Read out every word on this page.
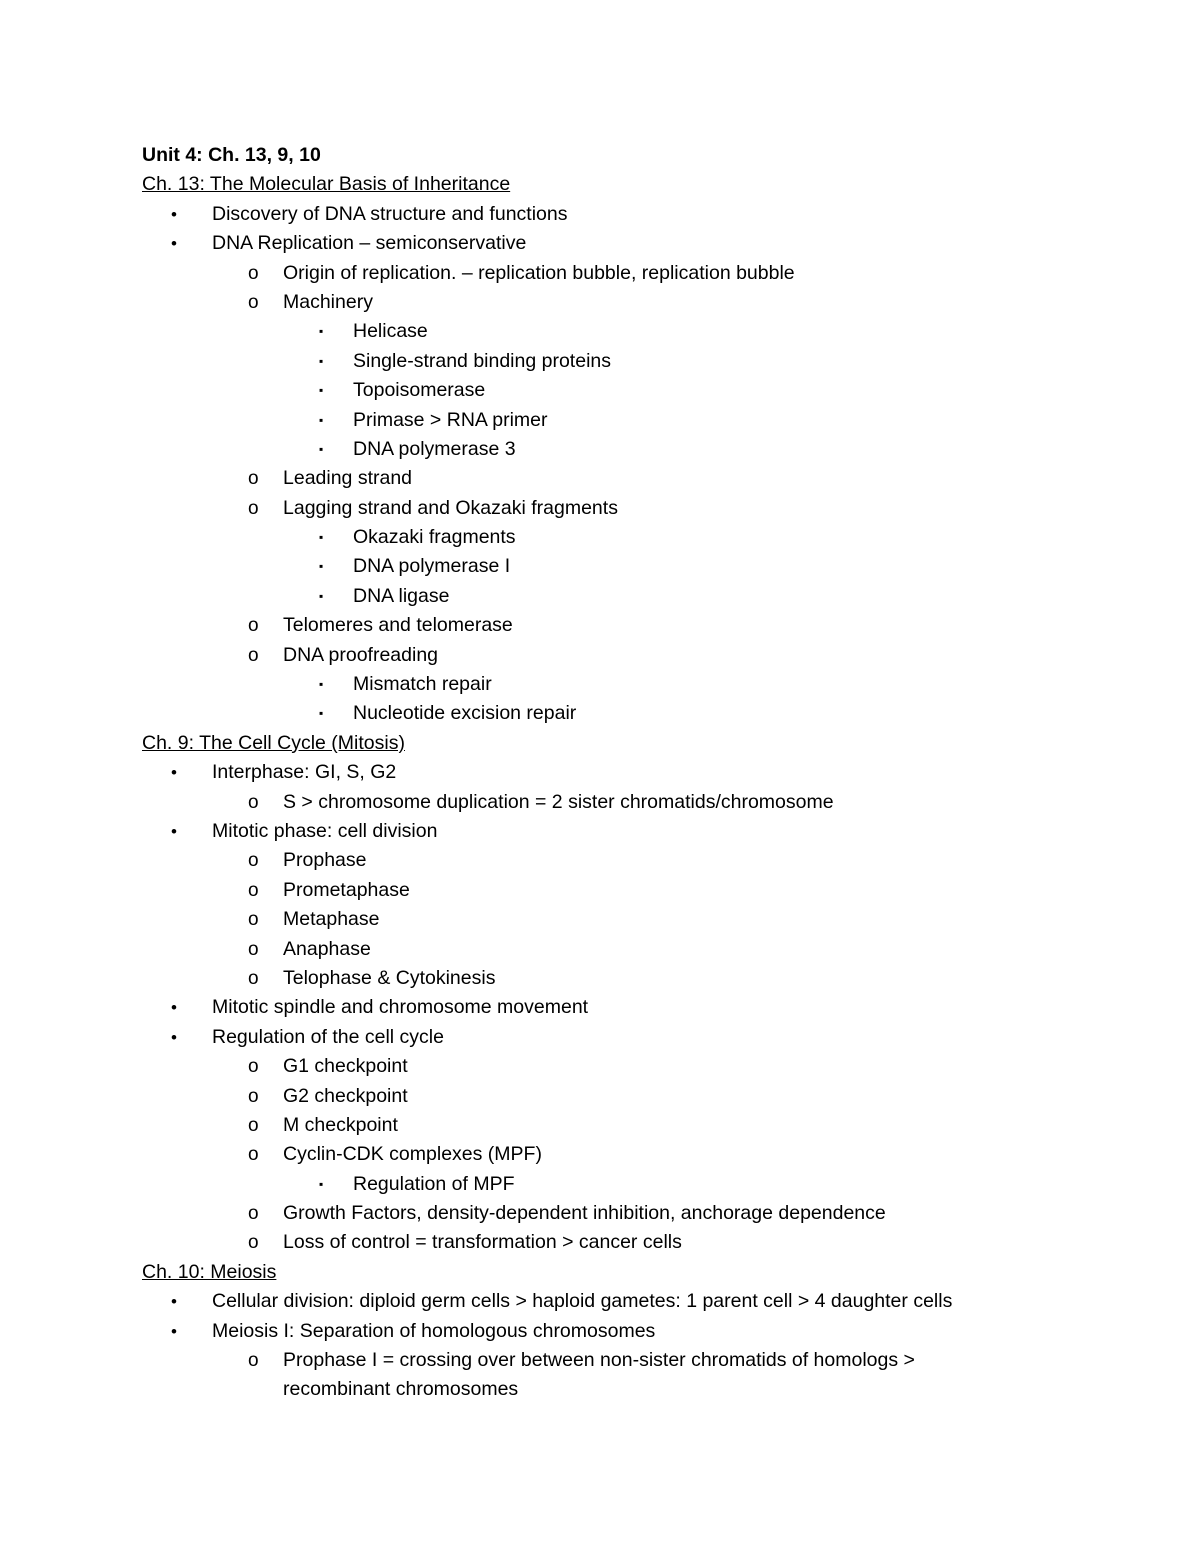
Unit 4: Ch. 13, 9, 10
Ch. 13: The Molecular Basis of Inheritance
• Discovery of DNA structure and functions
• DNA Replication – semiconservative
o Origin of replication. – replication bubble, replication bubble
o Machinery
▪ Helicase
▪ Single-strand binding proteins
▪ Topoisomerase
▪ Primase > RNA primer
▪ DNA polymerase 3
o Leading strand
o Lagging strand and Okazaki fragments
▪ Okazaki fragments
▪ DNA polymerase I
▪ DNA ligase
o Telomeres and telomerase
o DNA proofreading
▪ Mismatch repair
▪ Nucleotide excision repair
Ch. 9: The Cell Cycle (Mitosis)
• Interphase: GI, S, G2
o S > chromosome duplication = 2 sister chromatids/chromosome
• Mitotic phase: cell division
o Prophase
o Prometaphase
o Metaphase
o Anaphase
o Telophase & Cytokinesis
• Mitotic spindle and chromosome movement
• Regulation of the cell cycle
o G1 checkpoint
o G2 checkpoint
o M checkpoint
o Cyclin-CDK complexes (MPF)
▪ Regulation of MPF
o Growth Factors, density-dependent inhibition, anchorage dependence
o Loss of control = transformation > cancer cells
Ch. 10: Meiosis
• Cellular division: diploid germ cells > haploid gametes: 1 parent cell > 4 daughter cells
• Meiosis I: Separation of homologous chromosomes
o Prophase I = crossing over between non-sister chromatids of homologs >
recombinant chromosomes
